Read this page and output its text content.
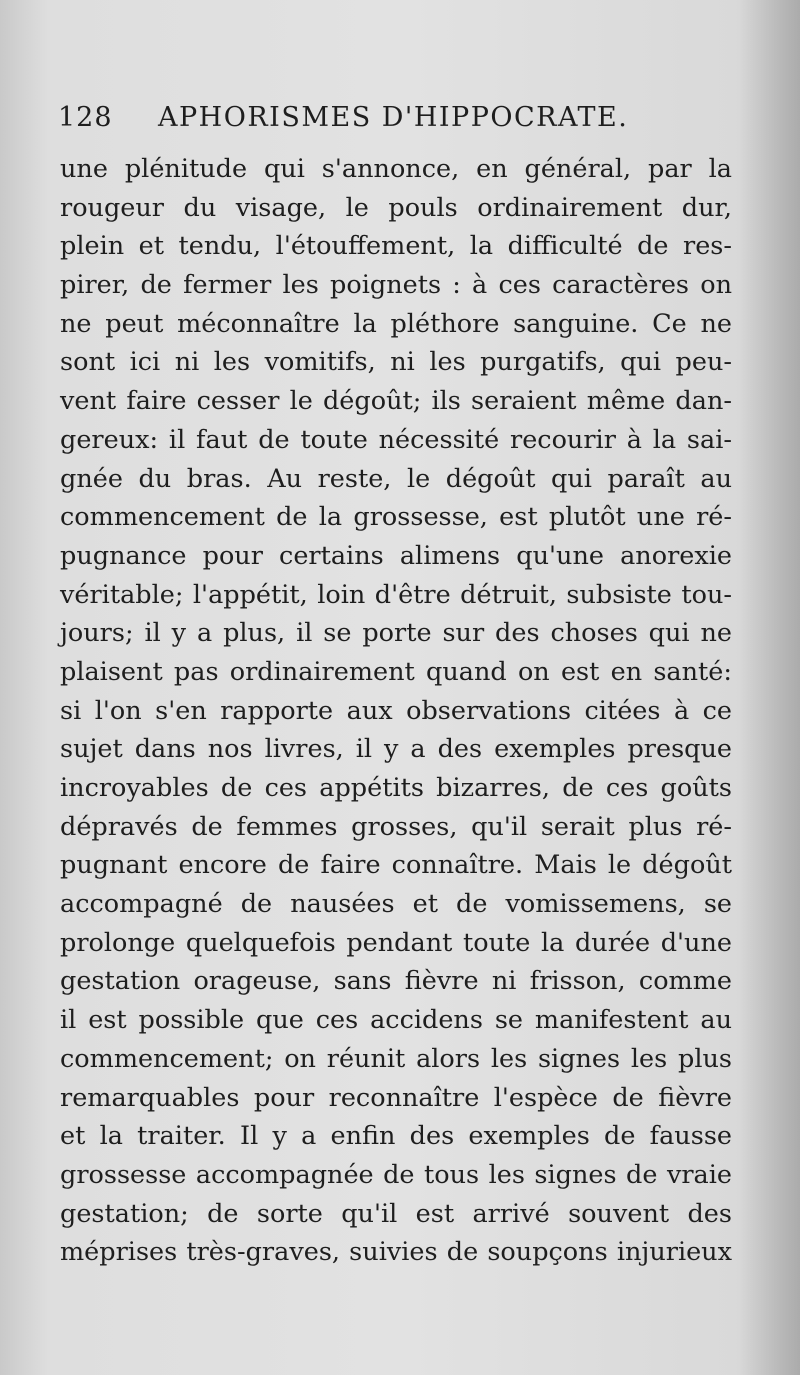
128 APHORISMES D'HIPPOCRATE.
une plénitude qui s'annonce, en général, par la
rougeur du visage, le pouls ordinairement dur,
plein et tendu, l'étouffement, la difficulté de res-
pirer, de fermer les poignets : à ces caractères on
ne peut méconnaître la pléthore sanguine. Ce ne
sont ici ni les vomitifs, ni les purgatifs, qui peu-
vent faire cesser le dégoût; ils seraient même dan-
gereux: il faut de toute nécessité recourir à la sai-
gnée du bras. Au reste, le dégoût qui paraît au
commencement de la grossesse, est plutôt une ré-
pugnance pour certains alimens qu'une anorexie
véritable; l'appétit, loin d'être détruit, subsiste tou-
jours; il y a plus, il se porte sur des choses qui ne
plaisent pas ordinairement quand on est en santé:
si l'on s'en rapporte aux observations citées à ce
sujet dans nos livres, il y a des exemples presque
incroyables de ces appétits bizarres, de ces goûts
dépravés de femmes grosses, qu'il serait plus ré-
pugnant encore de faire connaître. Mais le dégoût
accompagné de nausées et de vomissemens, se
prolonge quelquefois pendant toute la durée d'une
gestation orageuse, sans fièvre ni frisson, comme
il est possible que ces accidens se manifestent au
commencement; on réunit alors les signes les plus
remarquables pour reconnaître l'espèce de fièvre
et la traiter. Il y a enfin des exemples de fausse
grossesse accompagnée de tous les signes de vraie
gestation; de sorte qu'il est arrivé souvent des
méprises très-graves, suivies de soupçons injurieux
